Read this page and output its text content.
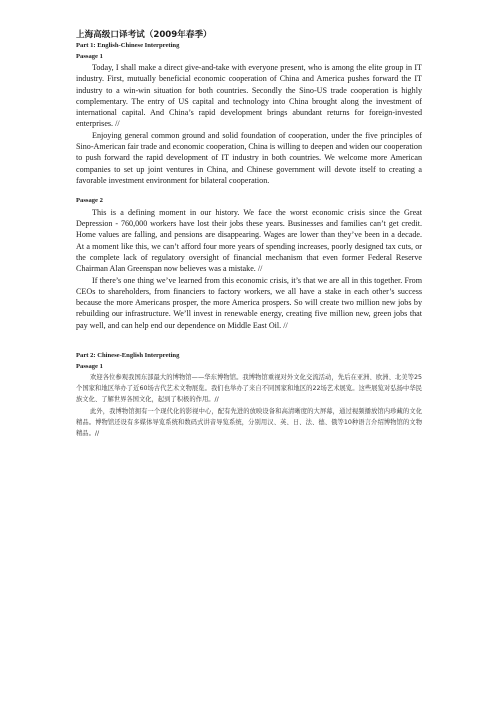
上海高级口译考试（2009年春季）
Part 1: English-Chinese Interpreting
Passage 1

Today, I shall make a direct give-and-take with everyone present, who is among the elite group in IT industry. First, mutually beneficial economic cooperation of China and America pushes forward the IT industry to a win-win situation for both countries. Secondly the Sino-US trade cooperation is highly complementary. The entry of US capital and technology into China brought along the investment of international capital. And China’s rapid development brings abundant returns for foreign-invested enterprises. //

Enjoying general common ground and solid foundation of cooperation, under the five principles of Sino-American fair trade and economic cooperation, China is willing to deepen and widen our cooperation to push forward the rapid development of IT industry in both countries. We welcome more American companies to set up joint ventures in China, and Chinese government will devote itself to creating a favorable investment environment for bilateral cooperation.

Passage 2

This is a defining moment in our history. We face the worst economic crisis since the Great Depression - 760,000 workers have lost their jobs these years. Businesses and families can’t get credit. Home values are falling, and pensions are disappearing. Wages are lower than they’ve been in a decade. At a moment like this, we can’t afford four more years of spending increases, poorly designed tax cuts, or the complete lack of regulatory oversight of financial mechanism that even former Federal Reserve Chairman Alan Greenspan now believes was a mistake. //

If there’s one thing we’ve learned from this economic crisis, it’s that we are all in this together. From CEOs to shareholders, from financiers to factory workers, we all have a stake in each other’s success because the more Americans prosper, the more America prospers. So will create two million new jobs by rebuilding our infrastructure. We’ll invest in renewable energy, creating five million new, green jobs that pay well, and can help end our dependence on Middle East Oil. //

Part 2: Chinese-English Interpreting
Passage 1

欢迎各位参观我国东部最大的博物馆——华东博物馆。我博物馆重视对外文化交流活动，先后在亚洲、欧洲、北美等25个国家和地区举办了近60场古代艺术文物展览。我们也举办了来自不同国家和地区的22场艺术展览。这些展览对弘扬中华民族文化、了解世界各国文化，起到了积极的作用。//

此外，我博物馆拥有一个现代化的影视中心，配有先进的放映设备和高清晰度的大屏幕，通过视频播放馆内珍藏的文化精品。博物馆还设有多媒体导览系统和数码式讲音导览系统，分别用汉、英、日、法、德、俄等10种语言介绍博物馆的文物精品。//
